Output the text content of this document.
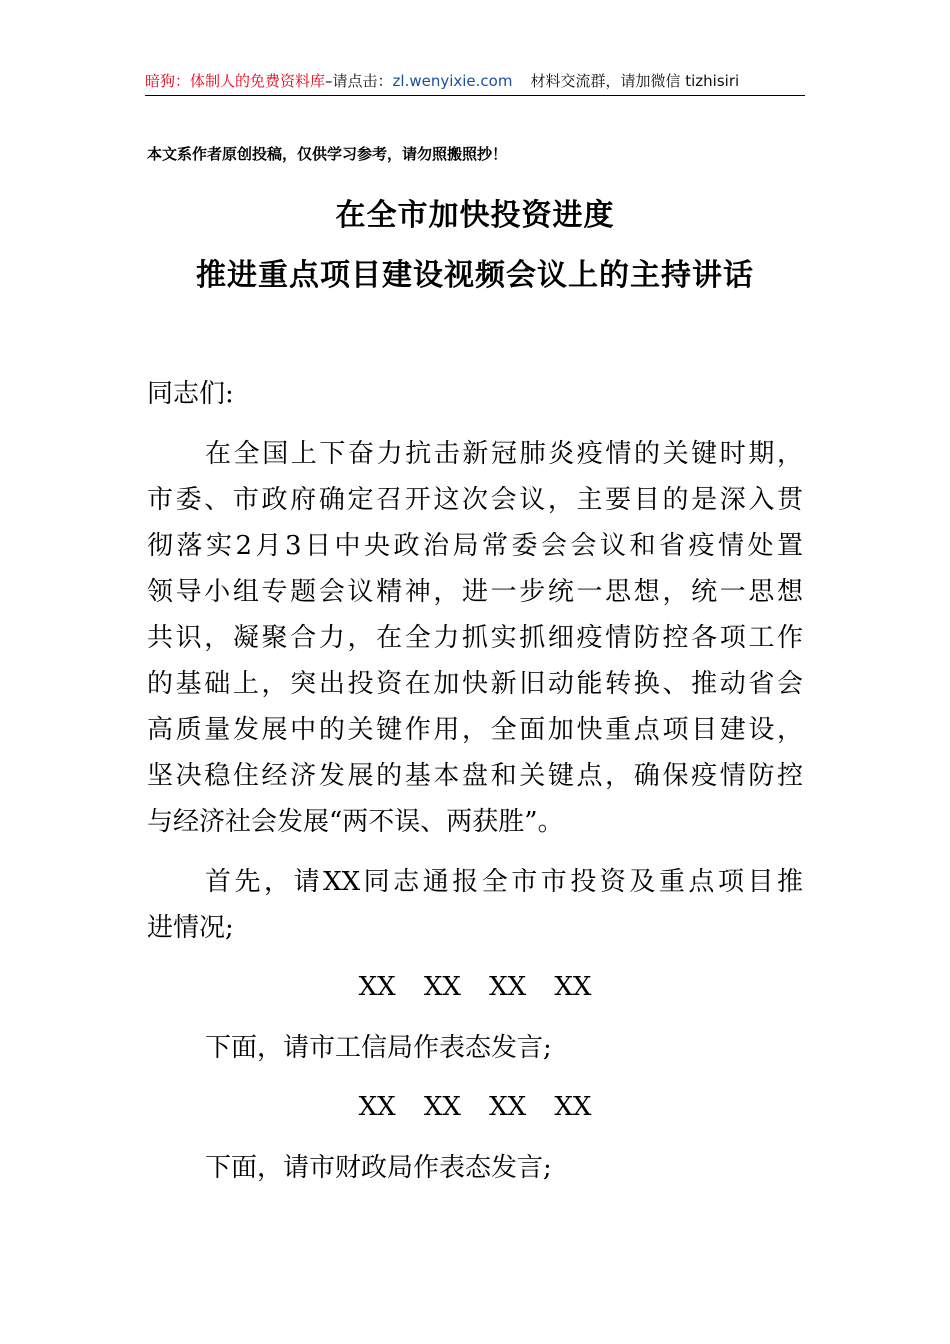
暗狗：体制人的免费资料库–请点击：zl.wenyixie.com 材料交流群，请加微信 tizhisiri
本文系作者原创投稿，仅供学习参考，请勿照搬照抄！
在全市加快投资进度
推进重点项目建设视频会议上的主持讲话
同志们:
在全国上下奋力抗击新冠肺炎疫情的关键时期，
市委、市政府确定召开这次会议，主要目的是深入贯
彻落实2月3日中央政治局常委会会议和省疫情处置
领导小组专题会议精神，进一步统一思想，统一思想
共识，凝聚合力，在全力抓实抓细疫情防控各项工作
的基础上，突出投资在加快新旧动能转换、推动省会
高质量发展中的关键作用，全面加快重点项目建设，
坚决稳住经济发展的基本盘和关键点，确保疫情防控
与经济社会发展“两不误、两获胜”。
首先，请XX同志通报全市市投资及重点项目推
进情况;
XX XX XX XX
下面，请市工信局作表态发言;
XX XX XX XX
下面，请市财政局作表态发言;
